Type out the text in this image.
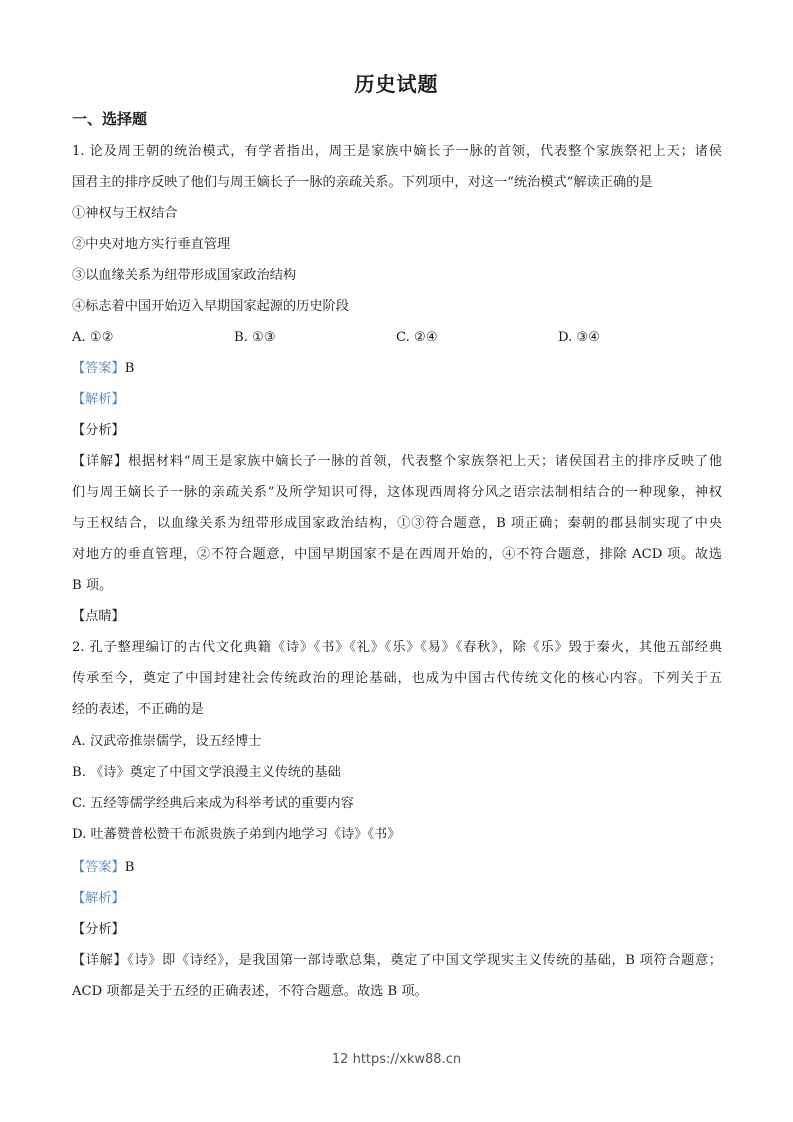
历史试题
一、选择题
1. 论及周王朝的统治模式，有学者指出，周王是家族中嫡长子一脉的首领，代表整个家族祭祀上天；诸侯
国君主的排序反映了他们与周王嫡长子一脉的亲疏关系。下列项中，对这一“统治模式”解读正确的是
①神权与王权结合
②中央对地方实行垂直管理
③以血缘关系为纽带形成国家政治结构
④标志着中国开始迈入早期国家起源的历史阶段
A. ①②	B. ①③	C. ②④	D. ③④
【答案】B
【解析】
【分析】
【详解】根据材料“周王是家族中嫡长子一脉的首领，代表整个家族祭祀上天；诸侯国君主的排序反映了他
们与周王嫡长子一脉的亲疏关系”及所学知识可得，这体现西周将分风之语宗法制相结合的一种现象，神权
与王权结合，以血缘关系为纽带形成国家政治结构，①③符合题意，B 项正确；秦朝的郡县制实现了中央
对地方的垂直管理，②不符合题意，中国早期国家不是在西周开始的，④不符合题意，排除 ACD 项。故选
B 项。
【点睛】
2. 孔子整理编订的古代文化典籍《诗》《书》《礼》《乐》《易》《春秋》，除《乐》毁于秦火，其他五部经典
传承至今，奠定了中国封建社会传统政治的理论基础，也成为中国古代传统文化的核心内容。下列关于五
经的表述，不正确的是
A. 汉武帝推崇儒学，设五经博士
B. 《诗》奠定了中国文学浪漫主义传统的基础
C. 五经等儒学经典后来成为科举考试的重要内容
D. 吐蕃赞普松赞干布派贵族子弟到内地学习《诗》《书》
【答案】B
【解析】
【分析】
【详解】《诗》即《诗经》，是我国第一部诗歌总集，奠定了中国文学现实主义传统的基础，B 项符合题意；
ACD 项都是关于五经的正确表述，不符合题意。故选 B 项。
12 https://xkw88.cn
